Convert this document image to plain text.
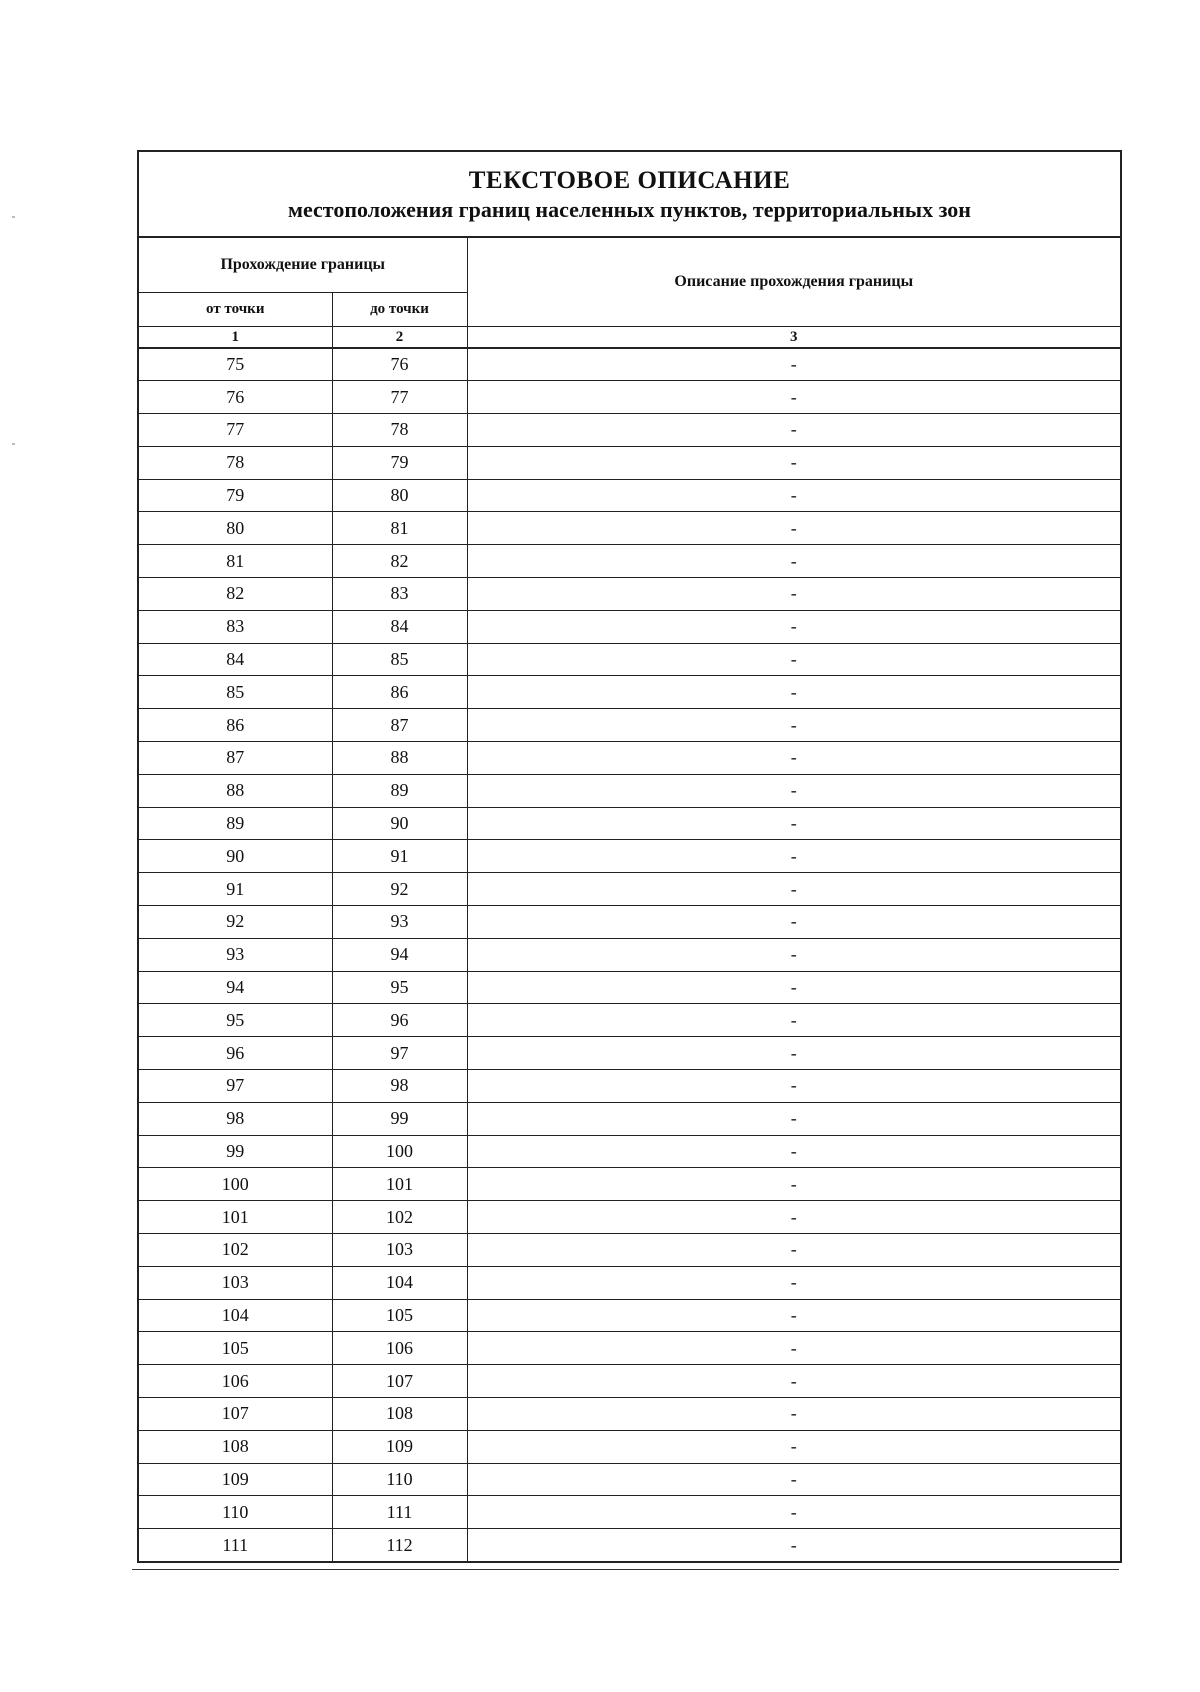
ТЕКСТОВОЕ ОПИСАНИЕ
местоположения границ населенных пунктов, территориальных зон
Прохождение границы		Описание прохождения границы
от точки	до точки	
1	2	3
75	76	-
76	77	-
77	78	-
78	79	-
79	80	-
80	81	-
81	82	-
82	83	-
83	84	-
84	85	-
85	86	-
86	87	-
87	88	-
88	89	-
89	90	-
90	91	-
91	92	-
92	93	-
93	94	-
94	95	-
95	96	-
96	97	-
97	98	-
98	99	-
99	100	-
100	101	-
101	102	-
102	103	-
103	104	-
104	105	-
105	106	-
106	107	-
107	108	-
108	109	-
109	110	-
110	111	-
111	112	-
